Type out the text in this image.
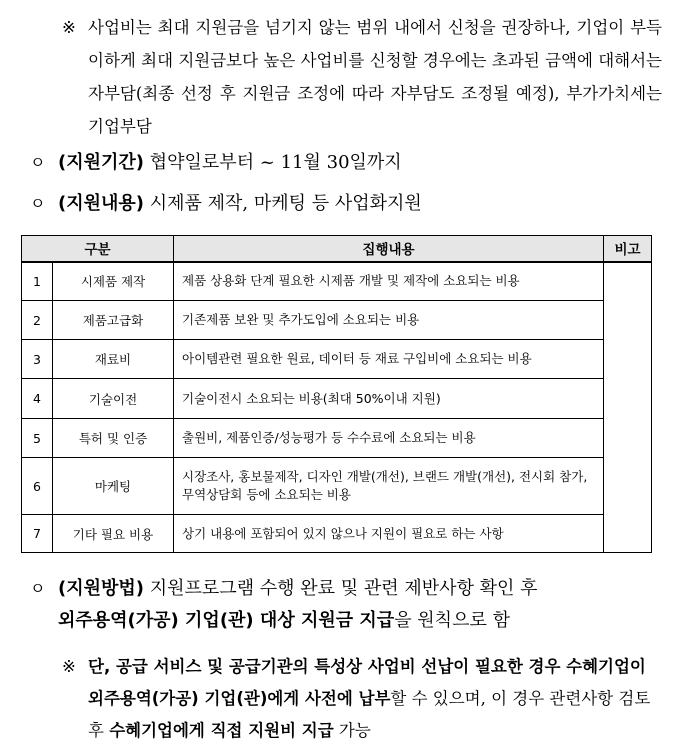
※ 사업비는 최대 지원금을 넘기지 않는 범위 내에서 신청을 권장하나, 기업이 부득이하게 최대 지원금보다 높은 사업비를 신청할 경우에는 초과된 금액에 대해서는 자부담(최종 선정 후 지원금 조정에 따라 자부담도 조정될 예정), 부가가치세는 기업부담
ㅇ (지원기간) 협약일로부터 ~ 11월 30일까지
ㅇ (지원내용) 시제품 제작, 마케팅 등 사업화지원
구분		집행내용	비고
1	시제품 제작	제품 상용화 단계 필요한 시제품 개발 및 제작에 소요되는 비용	
2	제품고급화	기존제품 보완 및 추가도입에 소요되는 비용	
3	재료비	아이템관련 필요한 원료, 데이터 등 재료 구입비에 소요되는 비용	
4	기술이전	기술이전시 소요되는 비용(최대 50%이내 지원)	
5	특허 및 인증	출원비, 제품인증/성능평가 등 수수료에 소요되는 비용	
6	마케팅	시장조사, 홍보물제작, 디자인 개발(개선), 브랜드 개발(개선), 전시회 참가, 무역상담회 등에 소요되는 비용	
7	기타 필요 비용	상기 내용에 포함되어 있지 않으나 지원이 필요로 하는 사항	
ㅇ (지원방법) 지원프로그램 수행 완료 및 관련 제반사항 확인 후
외주용역(가공) 기업(관) 대상 지원금 지급을 원칙으로 함
※ 단, 공급 서비스 및 공급기관의 특성상 사업비 선납이 필요한 경우 수혜기업이 외주용역(가공) 기업(관)에게 사전에 납부할 수 있으며, 이 경우 관련사항 검토 후 수혜기업에게 직접 지원비 지급 가능
